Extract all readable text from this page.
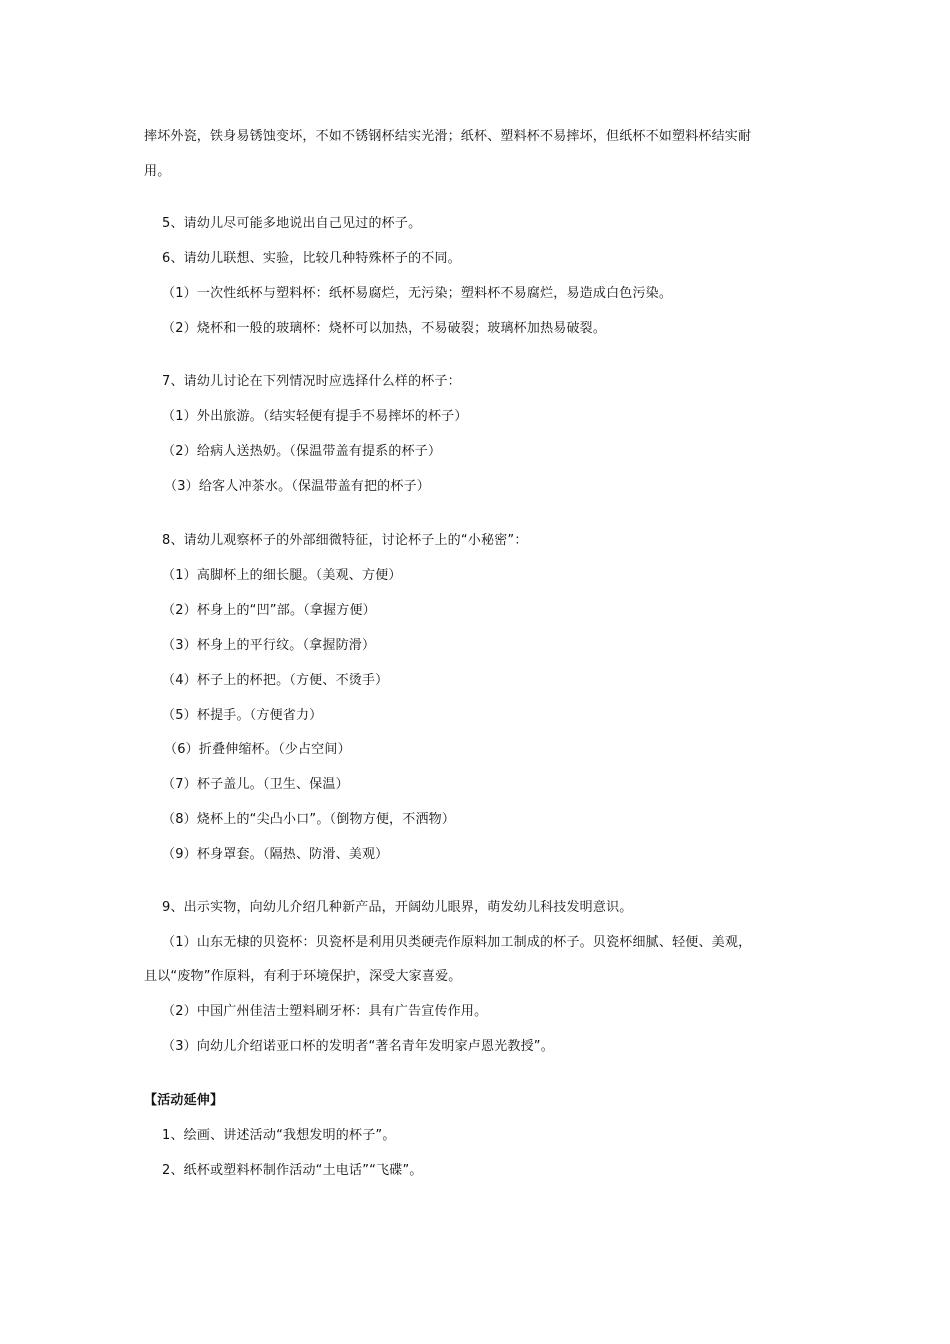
摔坏外瓷，铁身易锈蚀变坏，不如不锈钢杯结实光滑；纸杯、塑料杯不易摔坏，但纸杯不如塑料杯结实耐
用。
5、请幼儿尽可能多地说出自己见过的杯子。
6、请幼儿联想、实验，比较几种特殊杯子的不同。
（1）一次性纸杯与塑料杯：纸杯易腐烂，无污染；塑料杯不易腐烂，易造成白色污染。
（2）烧杯和一般的玻璃杯：烧杯可以加热，不易破裂；玻璃杯加热易破裂。
7、请幼儿讨论在下列情况时应选择什么样的杯子：
（1）外出旅游。（结实轻便有提手不易摔坏的杯子）
（2）给病人送热奶。（保温带盖有提系的杯子）
（3）给客人冲茶水。（保温带盖有把的杯子）
8、请幼儿观察杯子的外部细微特征，讨论杯子上的“小秘密”：
（1）高脚杯上的细长腿。（美观、方便）
（2）杯身上的“凹”部。（拿握方便）
（3）杯身上的平行纹。（拿握防滑）
（4）杯子上的杯把。（方便、不烫手）
（5）杯提手。（方便省力）
（6）折叠伸缩杯。（少占空间）
（7）杯子盖儿。（卫生、保温）
（8）烧杯上的“尖凸小口”。（倒物方便，不洒物）
（9）杯身罩套。（隔热、防滑、美观）
9、出示实物，向幼儿介绍几种新产品，开阔幼儿眼界，萌发幼儿科技发明意识。
（1）山东无棣的贝瓷杯：贝瓷杯是利用贝类硬壳作原料加工制成的杯子。贝瓷杯细腻、轻便、美观，
且以“废物”作原料，有利于环境保护，深受大家喜爱。
（2）中国广州佳洁士塑料刷牙杯：具有广告宣传作用。
（3）向幼儿介绍诺亚口杯的发明者“著名青年发明家卢恩光教授”。
【活动延伸】
1、绘画、讲述活动“我想发明的杯子”。
2、纸杯或塑料杯制作活动“土电话”“飞碟”。
